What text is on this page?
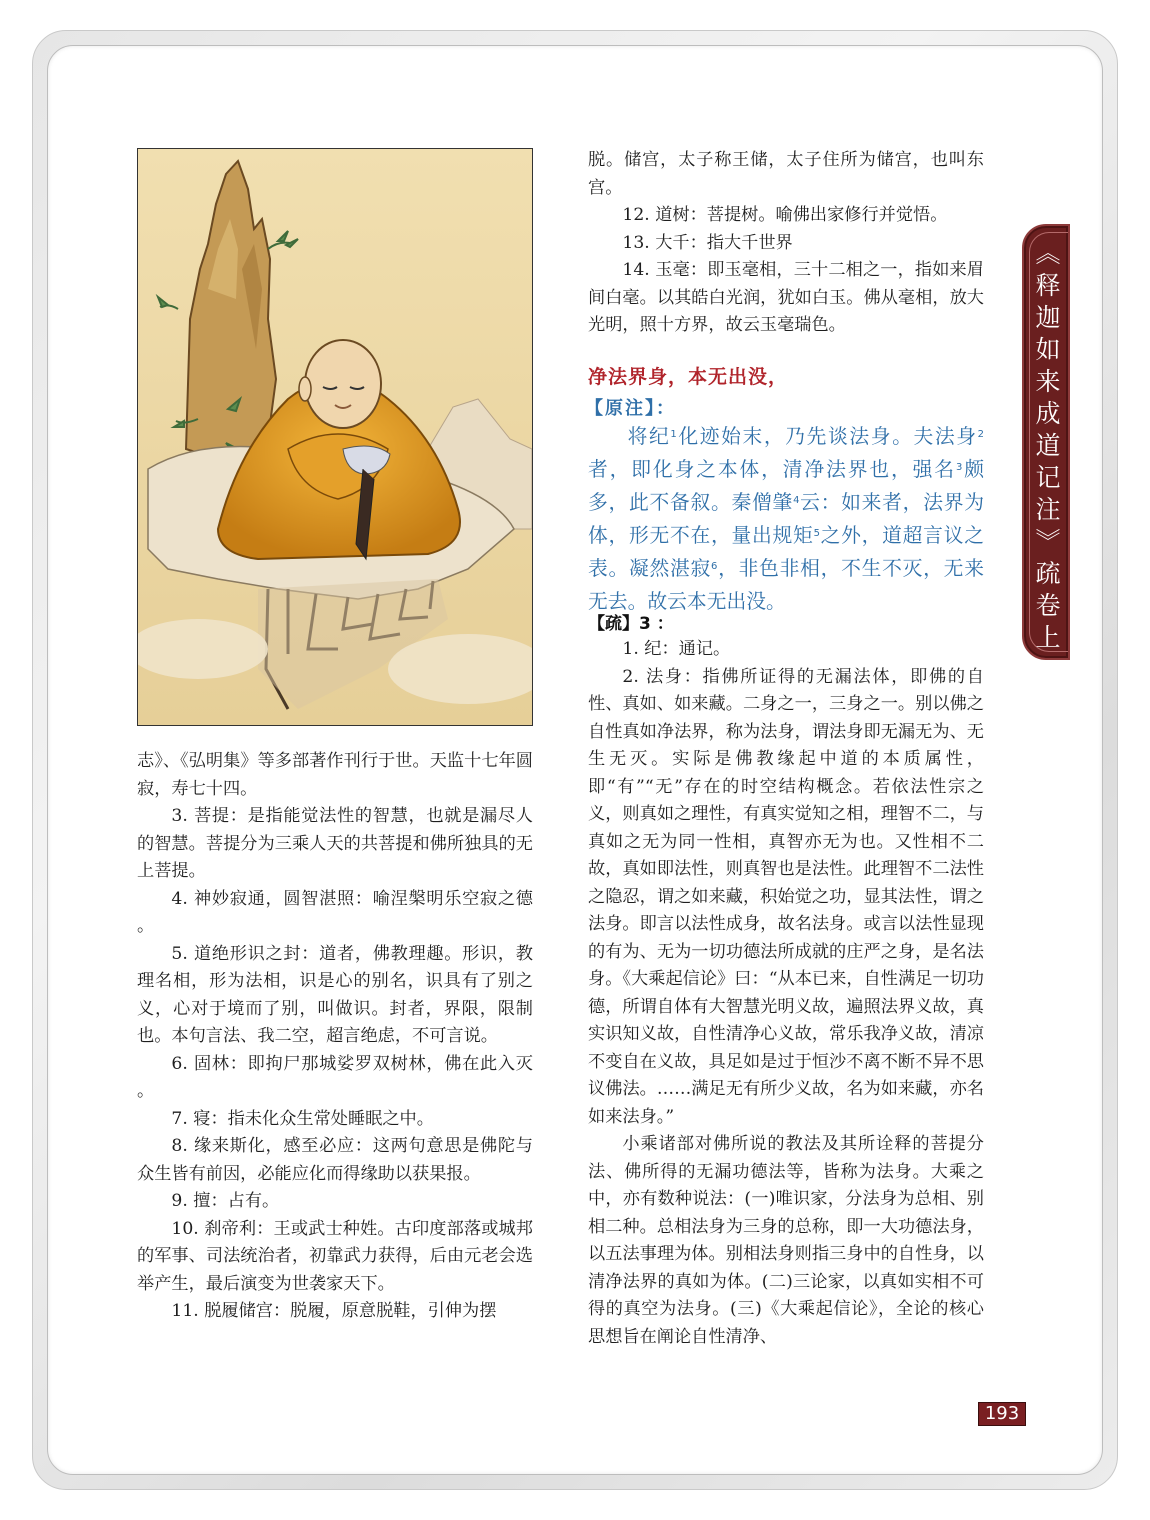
志》、《弘明集》等多部著作刊行于世。天监十七年圆寂，寿七十四。

3. 菩提：是指能觉法性的智慧，也就是漏尽人的智慧。菩提分为三乘人天的共菩提和佛所独具的无上菩提。

4. 神妙寂通，圆智湛照：喻涅槃明乐空寂之德 。

5. 道绝形识之封：道者，佛教理趣。形识，教理名相，形为法相，识是心的别名，识具有了别之义，心对于境而了别，叫做识。封者，界限，限制也。本句言法、我二空，超言绝虑，不可言说。

6. 固林：即拘尸那城娑罗双树林，佛在此入灭 。

7. 寝：指未化众生常处睡眠之中。

8. 缘来斯化，感至必应：这两句意思是佛陀与众生皆有前因，必能应化而得缘助以获果报。

9. 擅：占有。

10. 刹帝利：王或武士种姓。古印度部落或城邦的军事、司法统治者，初靠武力获得，后由元老会选举产生，最后演变为世袭家天下。

11. 脱履储宫：脱履，原意脱鞋，引伸为摆

脱。储宫，太子称王储，太子住所为储宫，也叫东宫。

12. 道树：菩提树。喻佛出家修行并觉悟。

13. 大千：指大千世界

14. 玉毫：即玉毫相，三十二相之一，指如来眉间白毫。以其皓白光润，犹如白玉。佛从毫相，放大光明，照十方界，故云玉毫瑞色。

净法界身，本无出没，
【原注】：

将纪$^1$化迹始末，乃先谈法身。夫法身$^2$者，即化身之本体，清净法界也，强名$^3$颇多，此不备叙。秦僧肇$^4$云：如来者，法界为体，形无不在，量出规矩$^5$之外，道超言议之表。凝然湛寂$^6$，非色非相，不生不灭，无来无去。故云本无出没。

【疏】3 ：

1. 纪：通记。

2. 法身：指佛所证得的无漏法体，即佛的自性、真如、如来藏。二身之一，三身之一。别以佛之自性真如净法界，称为法身，谓法身即无漏无为、无生无灭。实际是佛教缘起中道的本质属性，即“有”“无”存在的时空结构概念。若依法性宗之义，则真如之理性，有真实觉知之相，理智不二，与真如之无为同一性相，真智亦无为也。又性相不二故，真如即法性，则真智也是法性。此理智不二法性之隐忍，谓之如来藏，积始觉之功，显其法性，谓之法身。即言以法性成身，故名法身。或言以法性显现的有为、无为一切功德法所成就的庄严之身，是名法身。《大乘起信论》曰：“从本已来，自性满足一切功德，所谓自体有大智慧光明义故，遍照法界义故，真实识知义故，自性清净心义故，常乐我净义故，清凉不变自在义故，具足如是过于恒沙不离不断不异不思议佛法。……满足无有所少义故，名为如来藏，亦名如来法身。”

小乘诸部对佛所说的教法及其所诠释的菩提分法、佛所得的无漏功德法等，皆称为法身。大乘之中，亦有数种说法：(一)唯识家，分法身为总相、别相二种。总相法身为三身的总称，即一大功德法身，以五法事理为体。别相法身则指三身中的自性身，以清净法界的真如为体。(二)三论家，以真如实相不可得的真空为法身。(三)《大乘起信论》，全论的核心思想旨在阐论自性清净、

《释迦如来成道记注》疏卷上
193
